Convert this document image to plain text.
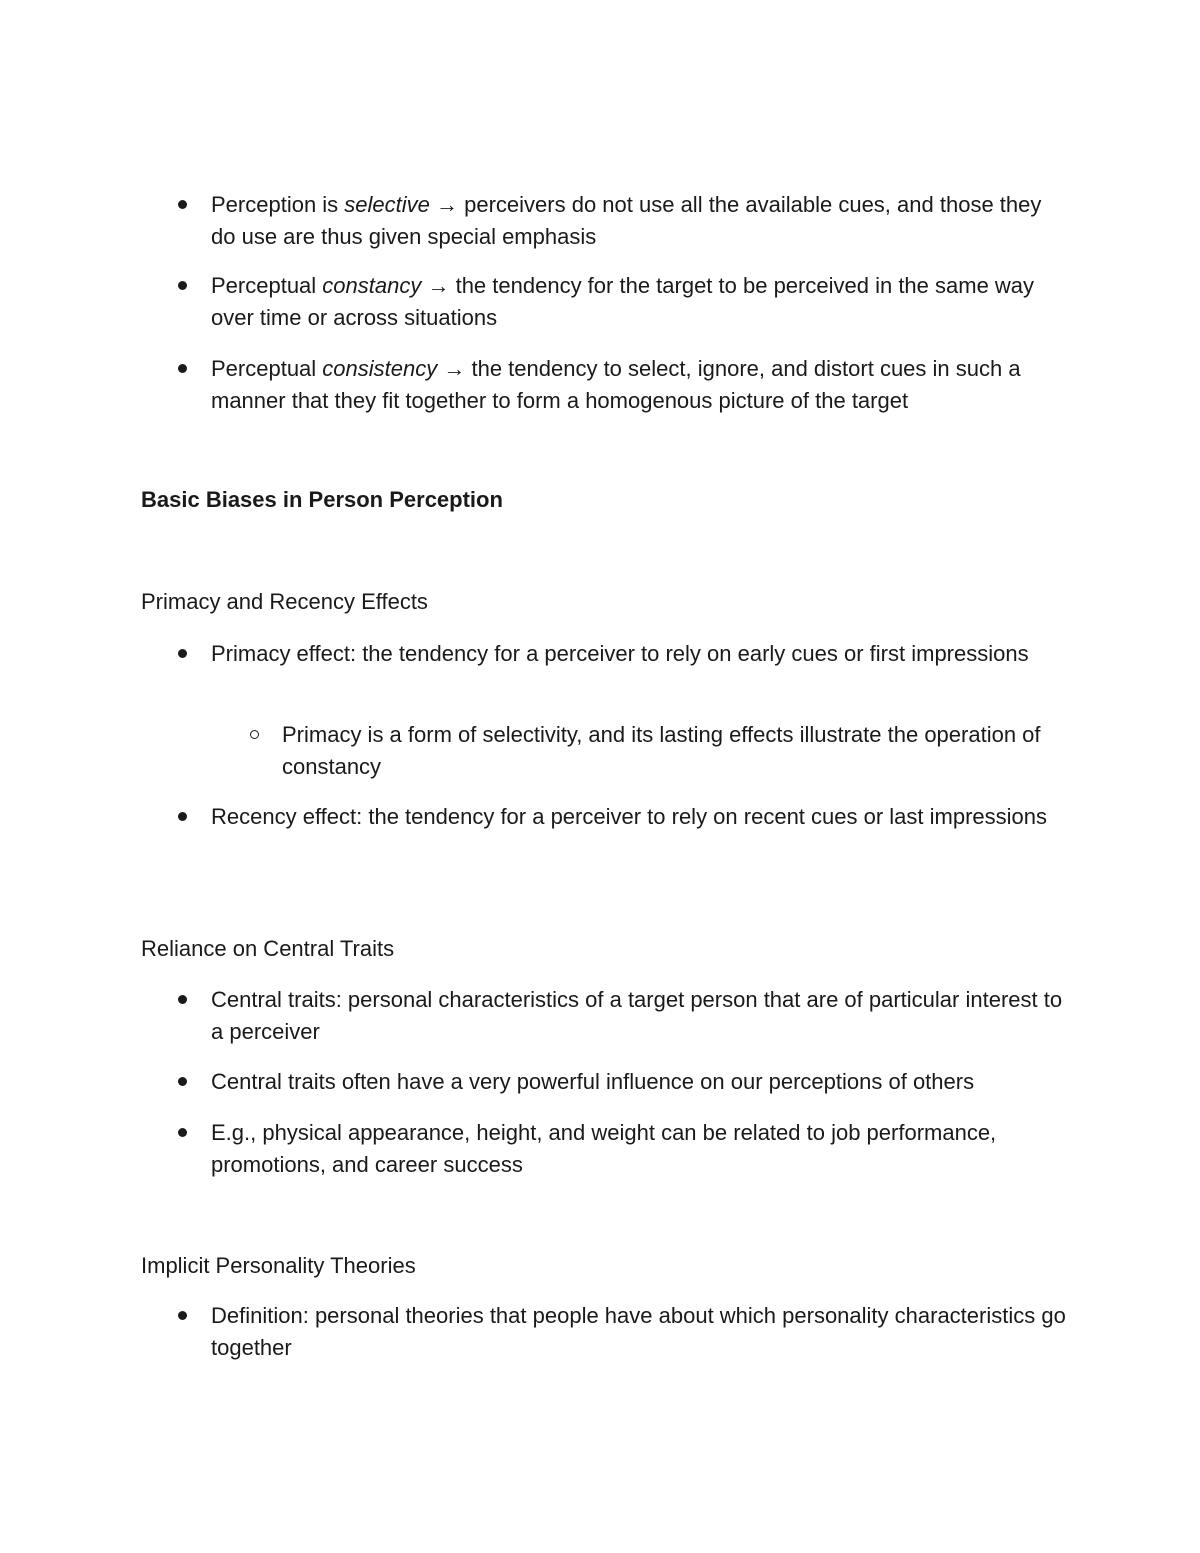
Perception is selective → perceivers do not use all the available cues, and those they do use are thus given special emphasis
Perceptual constancy → the tendency for the target to be perceived in the same way over time or across situations
Perceptual consistency → the tendency to select, ignore, and distort cues in such a manner that they fit together to form a homogenous picture of the target
Basic Biases in Person Perception
Primacy and Recency Effects
Primacy effect: the tendency for a perceiver to rely on early cues or first impressions
Primacy is a form of selectivity, and its lasting effects illustrate the operation of constancy
Recency effect: the tendency for a perceiver to rely on recent cues or last impressions
Reliance on Central Traits
Central traits: personal characteristics of a target person that are of particular interest to a perceiver
Central traits often have a very powerful influence on our perceptions of others
E.g., physical appearance, height, and weight can be related to job performance, promotions, and career success
Implicit Personality Theories
Definition: personal theories that people have about which personality characteristics go together
